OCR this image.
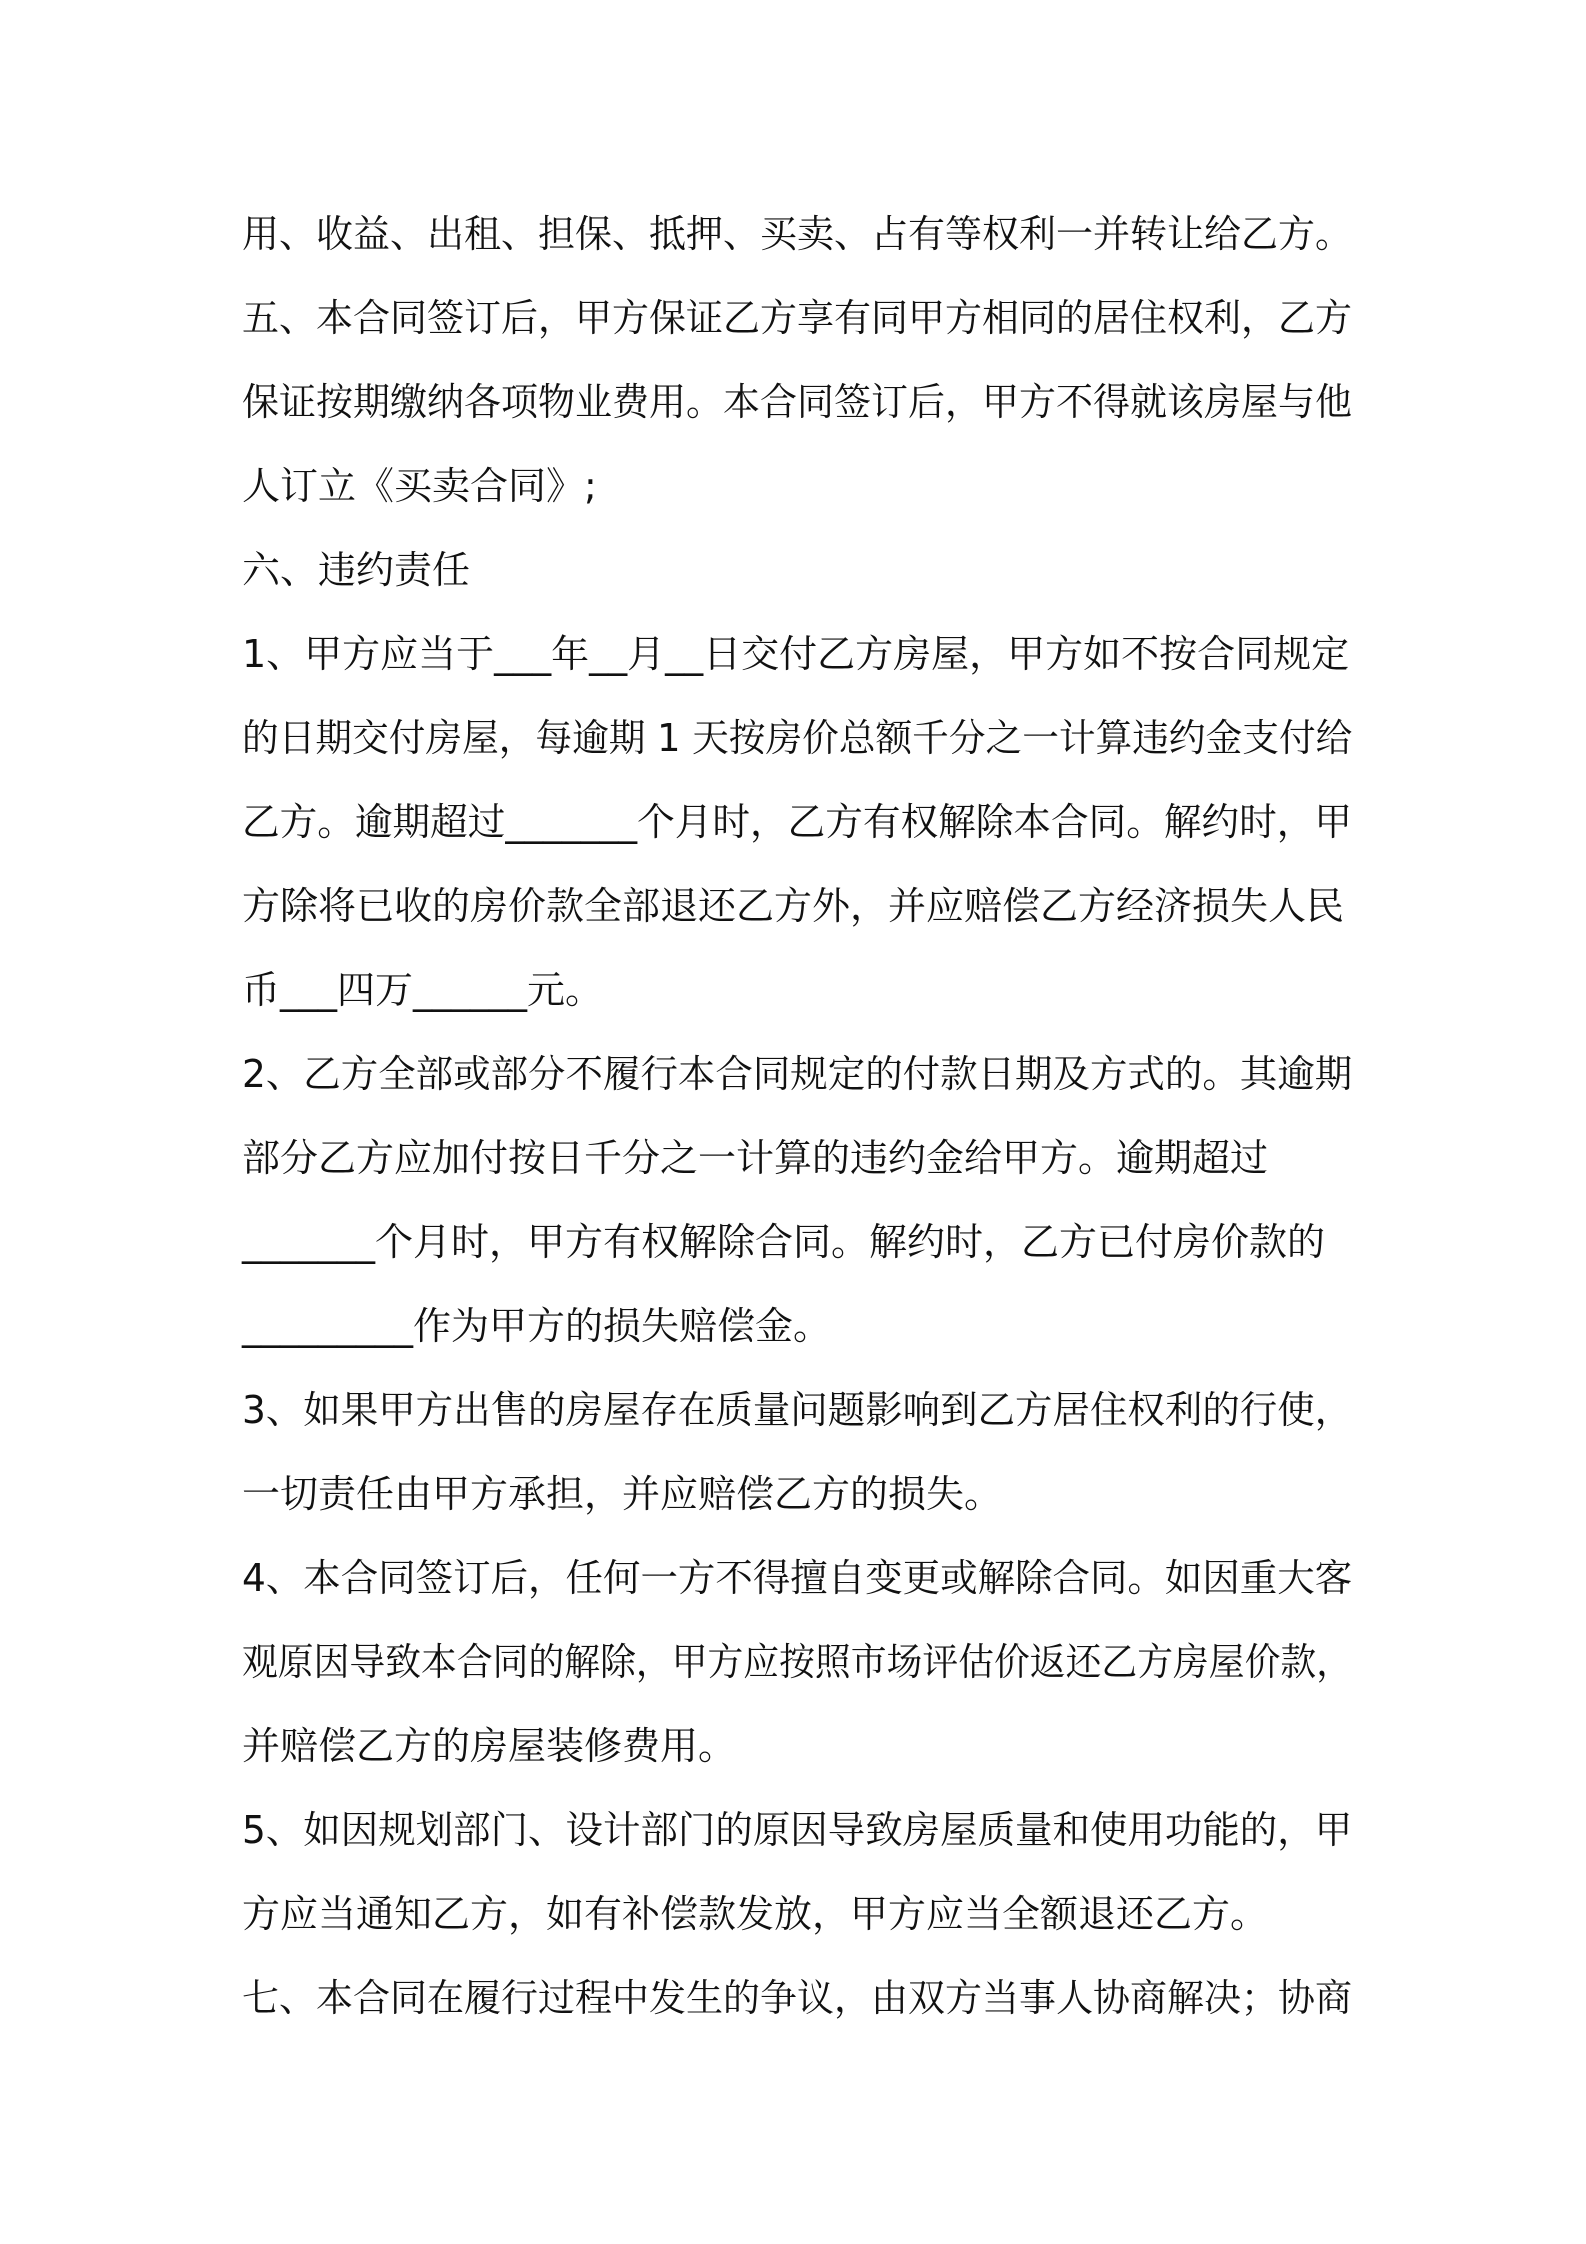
用、收益、出租、担保、抵押、买卖、占有等权利一并转让给乙方。
五、本合同签订后，甲方保证乙方享有同甲方相同的居住权利，乙方
保证按期缴纳各项物业费用。本合同签订后，甲方不得就该房屋与他
人订立《买卖合同》;
六、违约责任
1、甲方应当于___年__月__日交付乙方房屋，甲方如不按合同规定
的日期交付房屋，每逾期 1 天按房价总额千分之一计算违约金支付给
乙方。逾期超过_______个月时，乙方有权解除本合同。解约时，甲
方除将已收的房价款全部退还乙方外，并应赔偿乙方经济损失人民
币___四万______元。
2、乙方全部或部分不履行本合同规定的付款日期及方式的。其逾期
部分乙方应加付按日千分之一计算的违约金给甲方。逾期超过
_______个月时，甲方有权解除合同。解约时，乙方已付房价款的
_________作为甲方的损失赔偿金。
3、如果甲方出售的房屋存在质量问题影响到乙方居住权利的行使，
一切责任由甲方承担，并应赔偿乙方的损失。
4、本合同签订后，任何一方不得擅自变更或解除合同。如因重大客
观原因导致本合同的解除，甲方应按照市场评估价返还乙方房屋价款，
并赔偿乙方的房屋装修费用。
5、如因规划部门、设计部门的原因导致房屋质量和使用功能的，甲
方应当通知乙方，如有补偿款发放，甲方应当全额退还乙方。
七、本合同在履行过程中发生的争议，由双方当事人协商解决；协商
